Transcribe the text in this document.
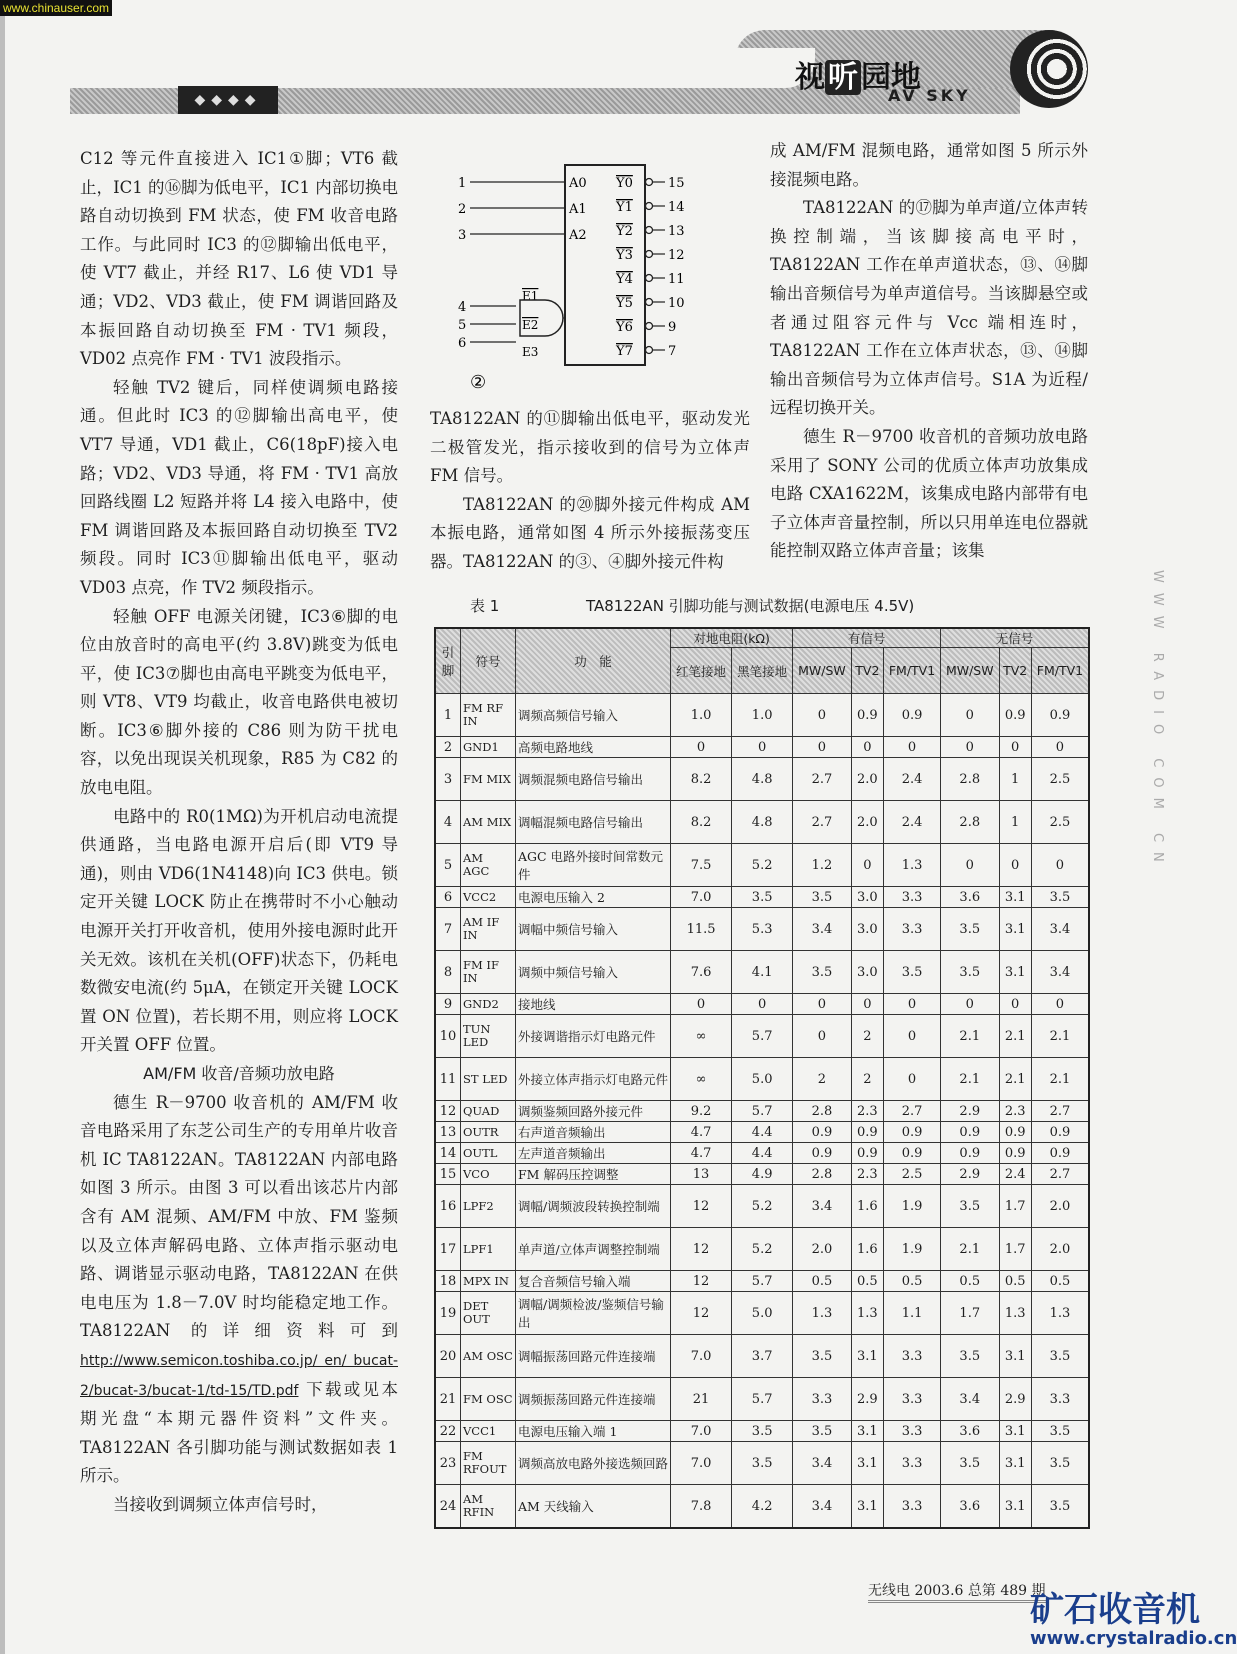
www.chinauser.com
◆◆◆◆
视 听 园地
AV SKY

C12 等元件直接进入 IC1①脚；VT6 截止，IC1 的⑯脚为低电平，IC1 内部切换电路自动切换到 FM 状态，使 FM 收音电路工作。与此同时 IC3 的⑫脚输出低电平，使 VT7 截止，并经 R17、L6 使 VD1 导通；VD2、VD3 截止，使 FM 调谐回路及本振回路自动切换至 FM · TV1 频段，VD02 点亮作 FM · TV1 波段指示。

轻触 TV2 键后，同样使调频电路接通。但此时 IC3 的⑫脚输出高电平，使 VT7 导通，VD1 截止，C6(18pF)接入电路；VD2、VD3 导通，将 FM · TV1 高放回路线圈 L2 短路并将 L4 接入电路中，使 FM 调谐回路及本振回路自动切换至 TV2 频段。同时 IC3⑪脚输出低电平，驱动 VD03 点亮，作 TV2 频段指示。

轻触 OFF 电源关闭键，IC3⑥脚的电位由放音时的高电平(约 3.8V)跳变为低电平，使 IC3⑦脚也由高电平跳变为低电平，则 VT8、VT9 均截止，收音电路供电被切断。IC3⑥脚外接的 C86 则为防干扰电容，以免出现误关机现象，R85 为 C82 的放电电阻。

电路中的 R0(1MΩ)为开机启动电流提供通路，当电路电源开启后(即 VT9 导通)，则由 VD6(1N4148)向 IC3 供电。锁定开关键 LOCK 防止在携带时不小心触动电源开关打开收音机，使用外接电源时此开关无效。该机在关机(OFF)状态下，仍耗电数微安电流(约 5μA，在锁定开关键 LOCK 置 ON 位置)，若长期不用，则应将 LOCK 开关置 OFF 位置。

AM/FM 收音/音频功放电路

德生 R－9700 收音机的 AM/FM 收音电路采用了东芝公司生产的专用单片收音机 IC TA8122AN。TA8122AN 内部电路如图 3 所示。由图 3 可以看出该芯片内部含有 AM 混频、AM/FM 中放、FM 鉴频以及立体声解码电路、立体声指示驱动电路、调谐显示驱动电路，TA8122AN 在供电电压为 1.8－7.0V 时均能稳定地工作。TA8122AN 的详细资料可到 http://www.semicon.toshiba.co.jp/ en/ bucat-2/bucat-3/bucat-1/td-15/TD.pdf 下载或见本期光盘“本期元器件资料”文件夹。TA8122AN 各引脚功能与测试数据如表 1 所示。

当接收到调频立体声信号时，

1	A0
2	A1
3	A2
Y0	15
Y1	14
Y2	13
Y3	12
Y4	11
Y5	10
Y6	9
Y7	7
4
E1
5	E2
6
E3
②

TA8122AN 的⑪脚输出低电平，驱动发光二极管发光，指示接收到的信号为立体声 FM 信号。

TA8122AN 的⑳脚外接元件构成 AM 本振电路，通常如图 4 所示外接振荡变压器。TA8122AN 的③、④脚外接元件构

成 AM/FM 混频电路，通常如图 5 所示外接混频电路。

TA8122AN 的⑰脚为单声道/立体声转换控制端，当该脚接高电平时，TA8122AN 工作在单声道状态，⑬、⑭脚输出音频信号为单声道信号。当该脚悬空或者通过阻容元件与 Vcc 端相连时，TA8122AN 工作在立体声状态，⑬、⑭脚输出音频信号为立体声信号。S1A 为近程/远程切换开关。

德生 R－9700 收音机的音频功放电路采用了 SONY 公司的优质立体声功放集成电路 CXA1622M，该集成电路内部带有电子立体声音量控制，所以只用单连电位器就能控制双路立体声音量；该集

表 1	TA8122AN 引脚功能与测试数据(电源电压 4.5V)
引脚	符号	功　能	对地电阻(kΩ)		有信号			无信号		
			红笔接地	黑笔接地	MW/SW	TV2	FM/TV1	MW/SW	TV2	FM/TV1
1	FM RF IN	调频高频信号输入	1.0	1.0	0	0.9	0.9	0	0.9	0.9
2	GND1	高频电路地线	0	0	0	0	0	0	0	0
3	FM MIX	调频混频电路信号输出	8.2	4.8	2.7	2.0	2.4	2.8	1	2.5
4	AM MIX	调幅混频电路信号输出	8.2	4.8	2.7	2.0	2.4	2.8	1	2.5
5	AM AGC	AGC 电路外接时间常数元件	7.5	5.2	1.2	0	1.3	0	0	0
6	VCC2	电源电压输入 2	7.0	3.5	3.5	3.0	3.3	3.6	3.1	3.5
7	AM IF IN	调幅中频信号输入	11.5	5.3	3.4	3.0	3.3	3.5	3.1	3.4
8	FM IF IN	调频中频信号输入	7.6	4.1	3.5	3.0	3.5	3.5	3.1	3.4
9	GND2	接地线	0	0	0	0	0	0	0	0
10	TUN LED	外接调谐指示灯电路元件	∞	5.7	0	2	0	2.1	2.1	2.1
11	ST LED	外接立体声指示灯电路元件	∞	5.0	2	2	0	2.1	2.1	2.1
12	QUAD	调频鉴频回路外接元件	9.2	5.7	2.8	2.3	2.7	2.9	2.3	2.7
13	OUTR	右声道音频输出	4.7	4.4	0.9	0.9	0.9	0.9	0.9	0.9
14	OUTL	左声道音频输出	4.7	4.4	0.9	0.9	0.9	0.9	0.9	0.9
15	VCO	FM 解码压控调整	13	4.9	2.8	2.3	2.5	2.9	2.4	2.7
16	LPF2	调幅/调频波段转换控制端	12	5.2	3.4	1.6	1.9	3.5	1.7	2.0
17	LPF1	单声道/立体声调整控制端	12	5.2	2.0	1.6	1.9	2.1	1.7	2.0
18	MPX IN	复合音频信号输入端	12	5.7	0.5	0.5	0.5	0.5	0.5	0.5
19	DET OUT	调幅/调频检波/鉴频信号输出	12	5.0	1.3	1.3	1.1	1.7	1.3	1.3
20	AM OSC	调幅振荡回路元件连接端	7.0	3.7	3.5	3.1	3.3	3.5	3.1	3.5
21	FM OSC	调频振荡回路元件连接端	21	5.7	3.3	2.9	3.3	3.4	2.9	3.3
22	VCC1	电源电压输入端 1	7.0	3.5	3.5	3.1	3.3	3.6	3.1	3.5
23	FM RFOUT	调频高放电路外接选频回路	7.0	3.5	3.4	3.1	3.3	3.5	3.1	3.5
24	AM RFIN	AM 天线输入	7.8	4.2	3.4	3.1	3.3	3.6	3.1	3.5
WWW RADIO COM CN
无线电 2003.6 总第 489 期
矿石收音机
www.crystalradio.cn
